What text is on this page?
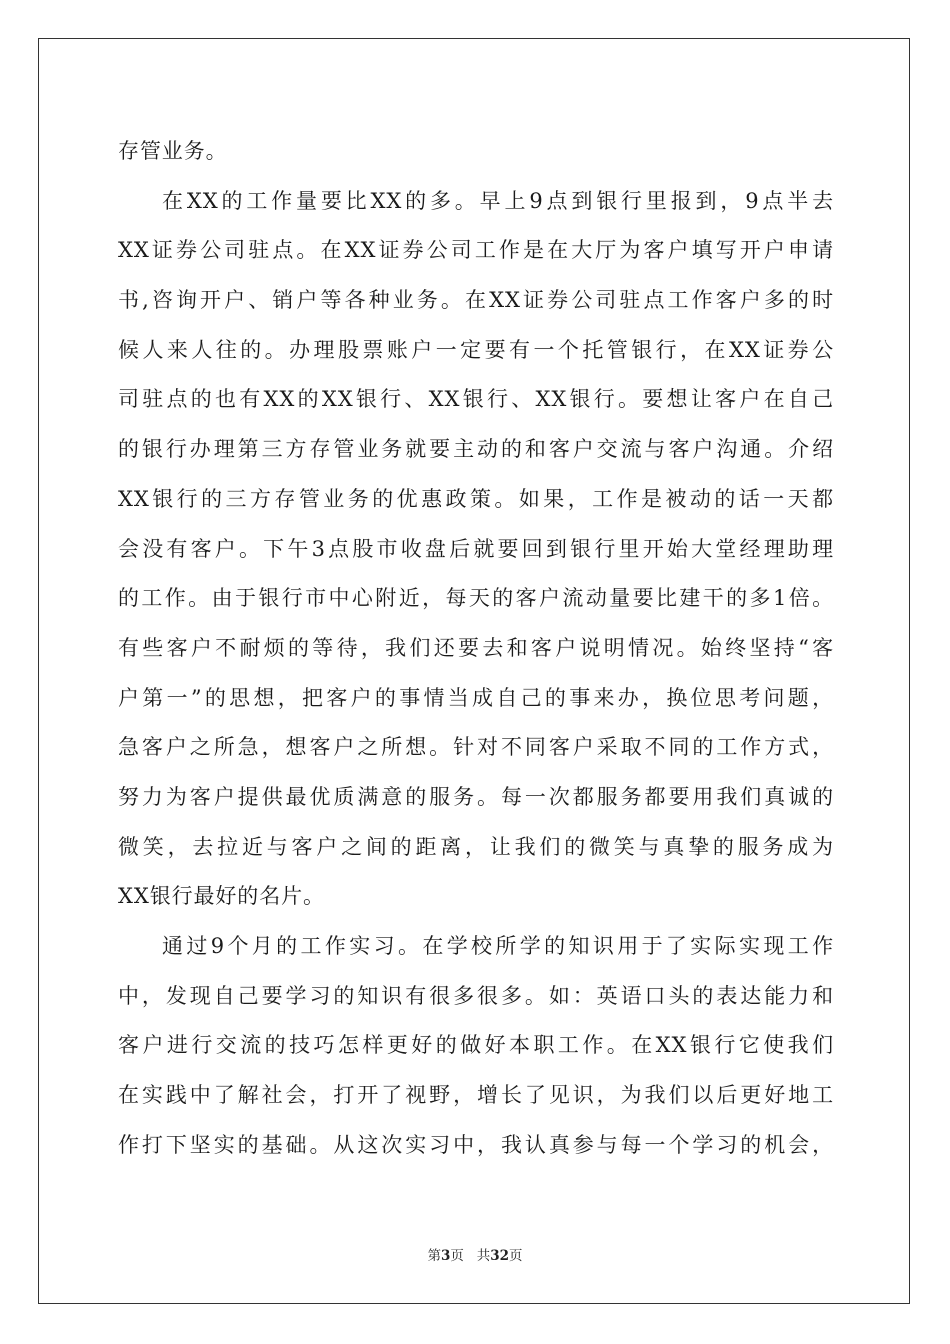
存管业务。
在XX的工作量要比XX的多。早上9点到银行里报到，9点半去
XX证券公司驻点。在XX证券公司工作是在大厅为客户填写开户申请
书,咨询开户、销户等各种业务。在XX证券公司驻点工作客户多的时
候人来人往的。办理股票账户一定要有一个托管银行，在XX证券公
司驻点的也有XX的XX银行、XX银行、XX银行。要想让客户在自己
的银行办理第三方存管业务就要主动的和客户交流与客户沟通。介绍
XX银行的三方存管业务的优惠政策。如果，工作是被动的话一天都
会没有客户。下午3点股市收盘后就要回到银行里开始大堂经理助理
的工作。由于银行市中心附近，每天的客户流动量要比建干的多1倍。
有些客户不耐烦的等待，我们还要去和客户说明情况。始终坚持“客
户第一”的思想，把客户的事情当成自己的事来办，换位思考问题，
急客户之所急，想客户之所想。针对不同客户采取不同的工作方式，
努力为客户提供最优质满意的服务。每一次都服务都要用我们真诚的
微笑，去拉近与客户之间的距离，让我们的微笑与真挚的服务成为
XX银行最好的名片。
通过9个月的工作实习。在学校所学的知识用于了实际实现工作
中，发现自己要学习的知识有很多很多。如：英语口头的表达能力和
客户进行交流的技巧怎样更好的做好本职工作。在XX银行它使我们
在实践中了解社会，打开了视野，增长了见识，为我们以后更好地工
作打下坚实的基础。从这次实习中，我认真参与每一个学习的机会，
第3页 共32页
